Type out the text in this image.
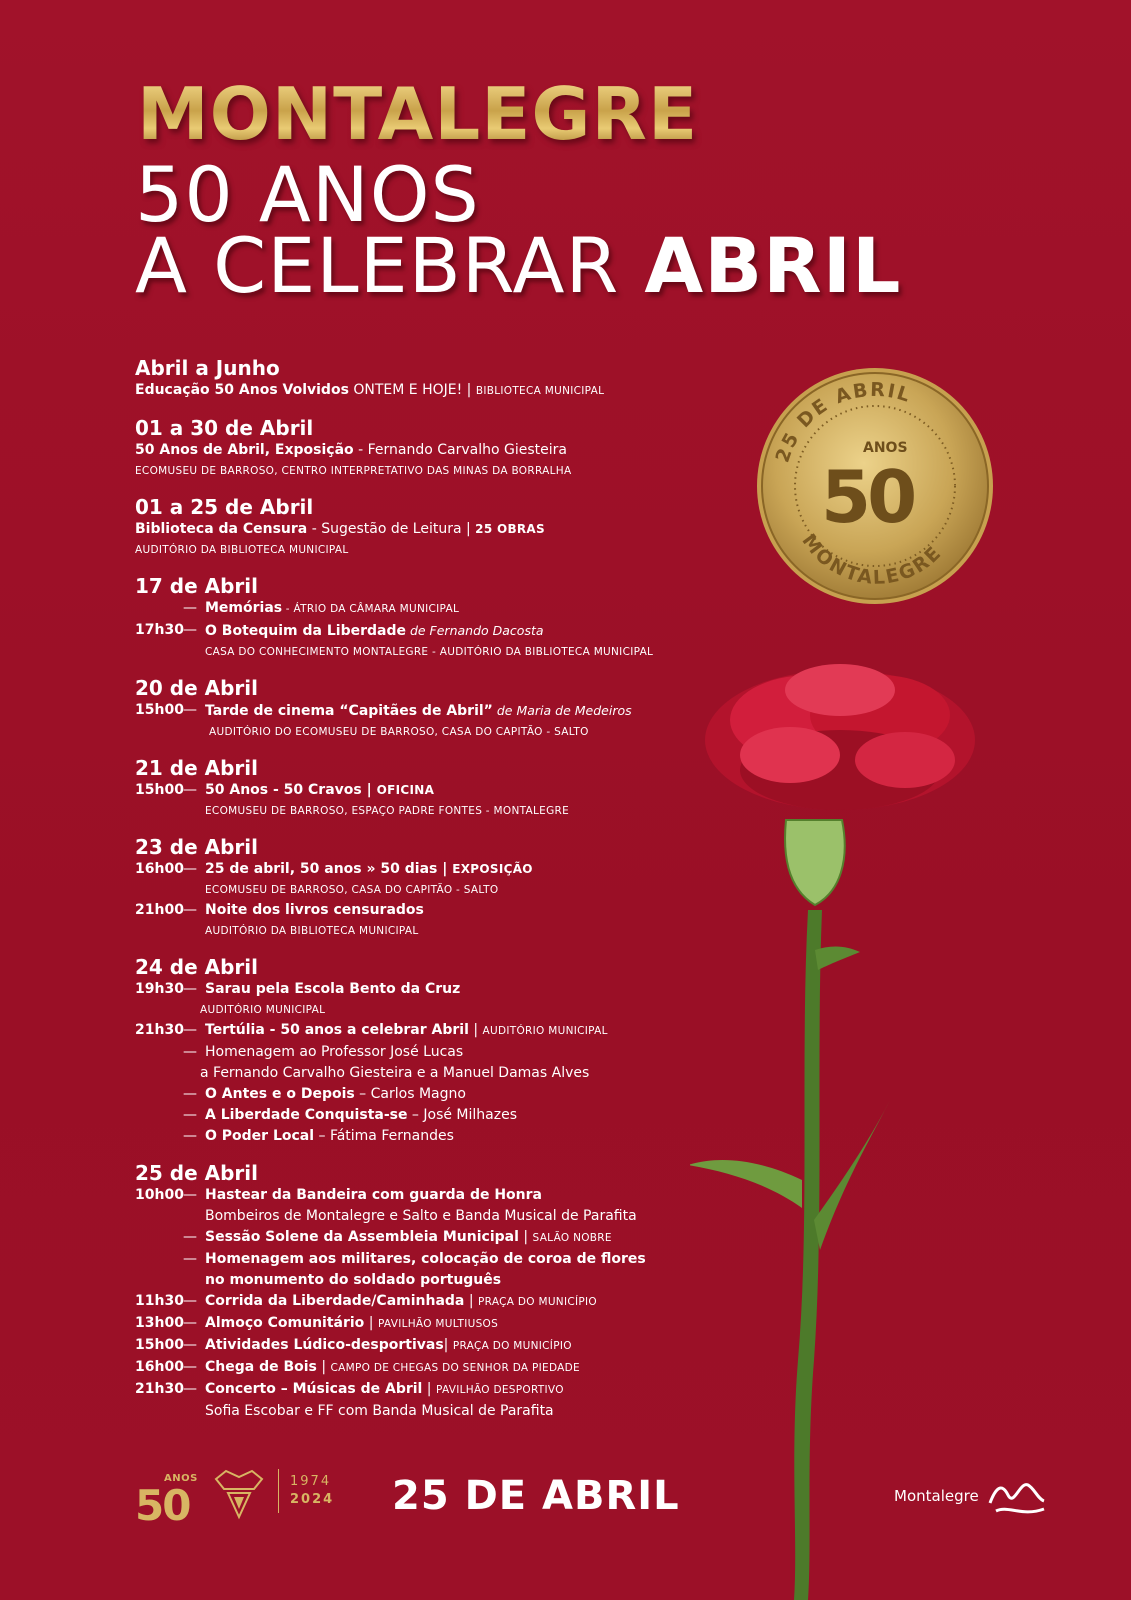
MONTALEGRE
50 ANOS
A CELEBRAR ABRIL
25 DE ABRIL
MONTALEGRE
50
ANOS
Abril a Junho
Educação 50 Anos Volvidos ONTEM E HOJE! | BIBLIOTECA MUNICIPAL
01 a 30 de Abril
50 Anos de Abril, Exposição - Fernando Carvalho Giesteira
ECOMUSEU DE BARROSO, CENTRO INTERPRETATIVO DAS MINAS DA BORRALHA
01 a 25 de Abril
Biblioteca da Censura - Sugestão de Leitura | 25 OBRAS
AUDITÓRIO DA BIBLIOTECA MUNICIPAL
17 de Abril
— Memórias - ÁTRIO DA CÂMARA MUNICIPAL
17h30 — O Botequim da Liberdade de Fernando Dacosta
CASA DO CONHECIMENTO MONTALEGRE - AUDITÓRIO DA BIBLIOTECA MUNICIPAL
20 de Abril
15h00 — Tarde de cinema “Capitães de Abril” de Maria de Medeiros
AUDITÓRIO DO ECOMUSEU DE BARROSO, CASA DO CAPITÃO - SALTO
21 de Abril
15h00 — 50 Anos - 50 Cravos | OFICINA
ECOMUSEU DE BARROSO, ESPAÇO PADRE FONTES - MONTALEGRE
23 de Abril
16h00 — 25 de abril, 50 anos » 50 dias | EXPOSIÇÃO
ECOMUSEU DE BARROSO, CASA DO CAPITÃO - SALTO
21h00 — Noite dos livros censurados
AUDITÓRIO DA BIBLIOTECA MUNICIPAL
24 de Abril
19h30 — Sarau pela Escola Bento da Cruz
AUDITÓRIO MUNICIPAL
21h30 — Tertúlia - 50 anos a celebrar Abril | AUDITÓRIO MUNICIPAL
— Homenagem ao Professor José Lucas
a Fernando Carvalho Giesteira e a Manuel Damas Alves
— O Antes e o Depois – Carlos Magno
— A Liberdade Conquista-se – José Milhazes
— O Poder Local – Fátima Fernandes
25 de Abril
10h00 — Hastear da Bandeira com guarda de Honra
Bombeiros de Montalegre e Salto e Banda Musical de Parafita
— Sessão Solene da Assembleia Municipal | SALÃO NOBRE
— Homenagem aos militares, colocação de coroa de flores
no monumento do soldado português
11h30 — Corrida da Liberdade/Caminhada | PRAÇA DO MUNICÍPIO
13h00 — Almoço Comunitário | PAVILHÃO MULTIUSOS
15h00 — Atividades Lúdico-desportivas| PRAÇA DO MUNICÍPIO
16h00 — Chega de Bois | CAMPO DE CHEGAS DO SENHOR DA PIEDADE
21h30 — Concerto – Músicas de Abril | PAVILHÃO DESPORTIVO
Sofia Escobar e FF com Banda Musical de Parafita
50
ANOS	1974
2024 25 DE ABRIL	Montalegre
